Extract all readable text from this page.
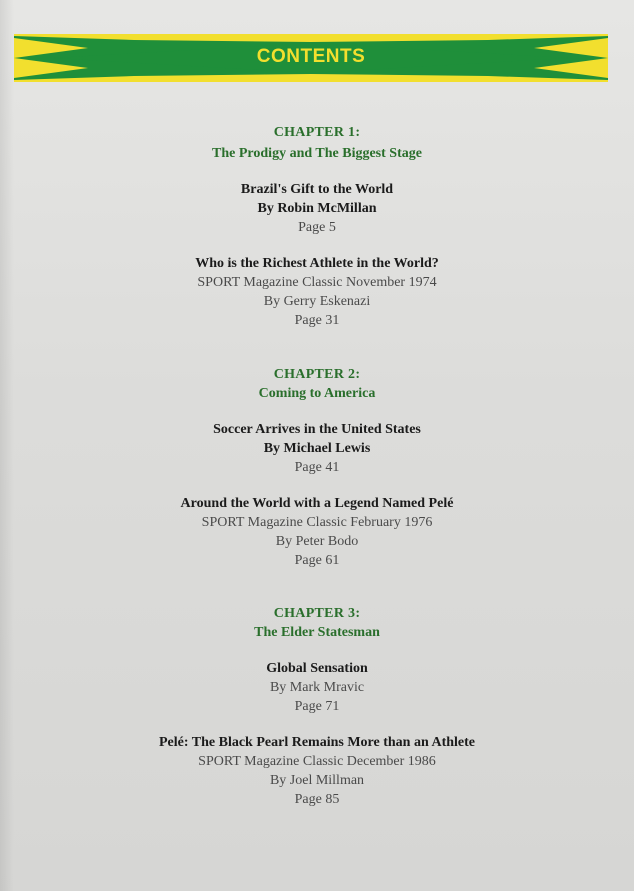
CONTENTS
CHAPTER 1:
The Prodigy and The Biggest Stage
Brazil's Gift to the World
By Robin McMillan
Page 5
Who is the Richest Athlete in the World?
SPORT Magazine Classic November 1974
By Gerry Eskenazi
Page 31
CHAPTER 2:
Coming to America
Soccer Arrives in the United States
By Michael Lewis
Page 41
Around the World with a Legend Named Pelé
SPORT Magazine Classic February 1976
By Peter Bodo
Page 61
CHAPTER 3:
The Elder Statesman
Global Sensation
By Mark Mravic
Page 71
Pelé: The Black Pearl Remains More than an Athlete
SPORT Magazine Classic December 1986
By Joel Millman
Page 85
